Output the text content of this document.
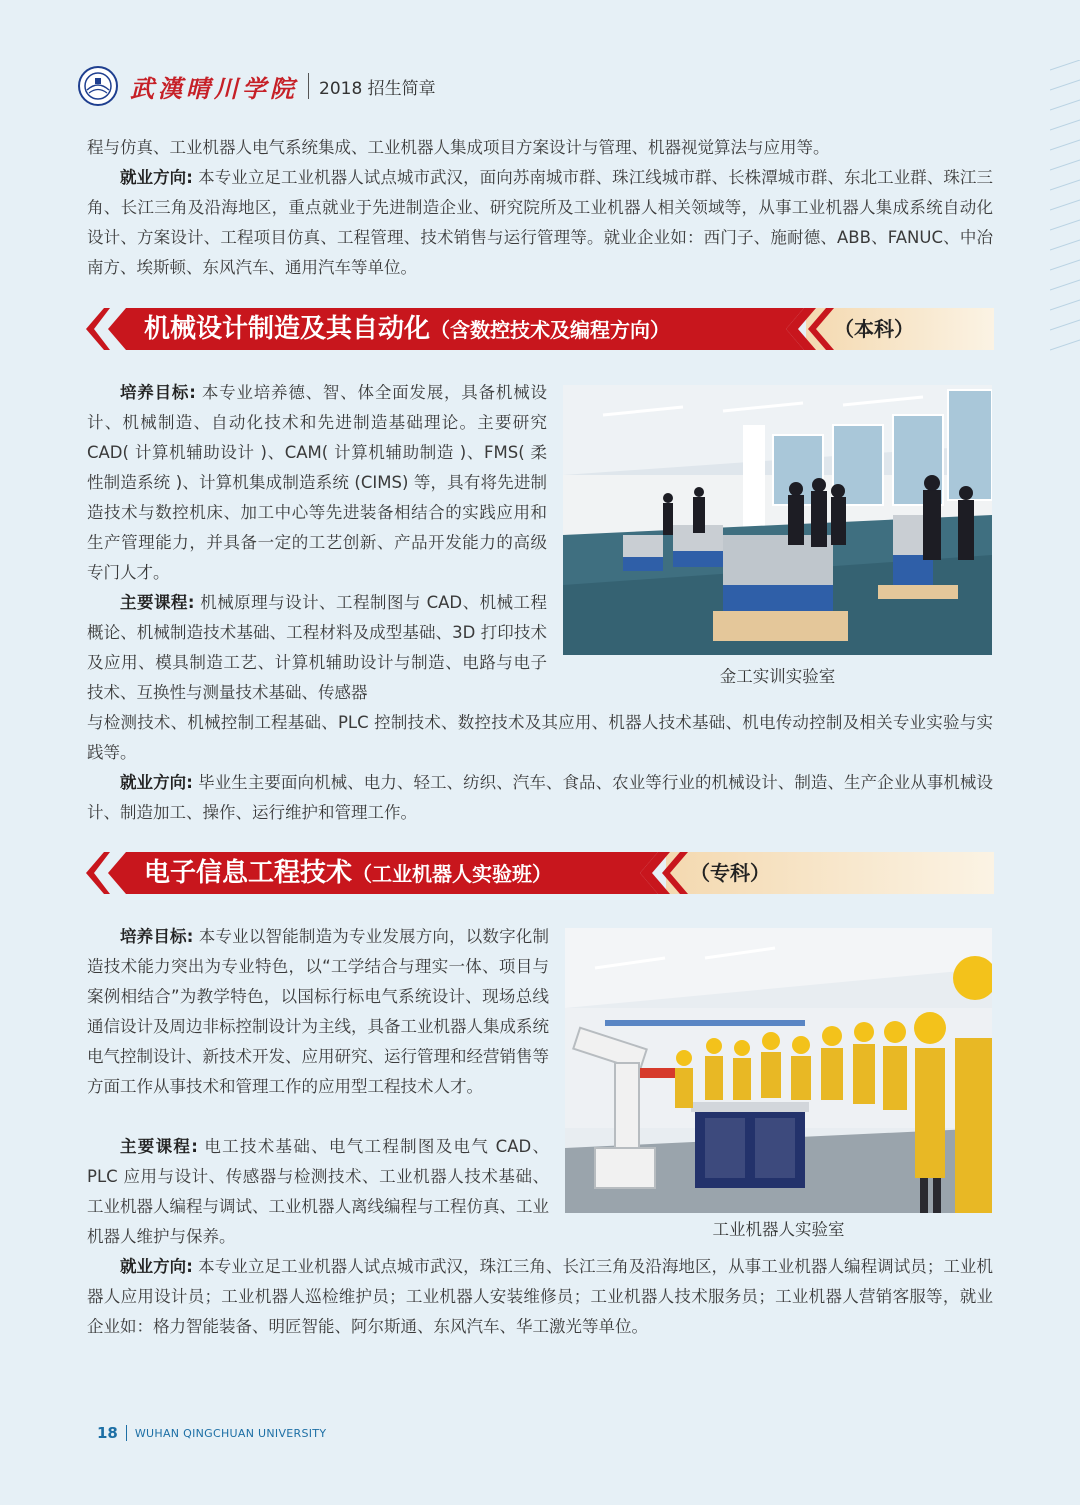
武漢晴川学院 2018 招生简章
程与仿真、工业机器人电气系统集成、工业机器人集成项目方案设计与管理、机器视觉算法与应用等。
就业方向: 本专业立足工业机器人试点城市武汉，面向苏南城市群、珠江线城市群、长株潭城市群、东北工业群、珠江三角、长江三角及沿海地区，重点就业于先进制造企业、研究院所及工业机器人相关领域等，从事工业机器人集成系统自动化设计、方案设计、工程项目仿真、工程管理、技术销售与运行管理等。就业企业如：西门子、施耐德、ABB、FANUC、中冶南方、埃斯顿、东风汽车、通用汽车等单位。
机械设计制造及其自动化（含数控技术及编程方向）	（本科）
培养目标: 本专业培养德、智、体全面发展，具备机械设计、机械制造、自动化技术和先进制造基础理论。主要研究 CAD( 计算机辅助设计 )、CAM( 计算机辅助制造 )、FMS( 柔性制造系统 )、计算机集成制造系统 (CIMS) 等，具有将先进制造技术与数控机床、加工中心等先进装备相结合的实践应用和生产管理能力，并具备一定的工艺创新、产品开发能力的高级专门人才。
主要课程: 机械原理与设计、工程制图与 CAD、机械工程概论、机械制造技术基础、工程材料及成型基础、3D 打印技术及应用、模具制造工艺、计算机辅助设计与制造、电路与电子技术、互换性与测量技术基础、传感器
与检测技术、机械控制工程基础、PLC 控制技术、数控技术及其应用、机器人技术基础、机电传动控制及相关专业实验与实践等。
就业方向: 毕业生主要面向机械、电力、轻工、纺织、汽车、食品、农业等行业的机械设计、制造、生产企业从事机械设计、制造加工、操作、运行维护和管理工作。
金工实训实验室
电子信息工程技术（工业机器人实验班）	（专科）
培养目标: 本专业以智能制造为专业发展方向，以数字化制造技术能力突出为专业特色，以“工学结合与理实一体、项目与案例相结合”为教学特色，以国标行标电气系统设计、现场总线通信设计及周边非标控制设计为主线，具备工业机器人集成系统电气控制设计、新技术开发、应用研究、运行管理和经营销售等方面工作从事技术和管理工作的应用型工程技术人才。
主要课程: 电工技术基础、电气工程制图及电气 CAD、PLC 应用与设计、传感器与检测技术、工业机器人技术基础、工业机器人编程与调试、工业机器人离线编程与工程仿真、工业机器人维护与保养。
就业方向: 本专业立足工业机器人试点城市武汉，珠江三角、长江三角及沿海地区，从事工业机器人编程调试员；工业机器人应用设计员；工业机器人巡检维护员；工业机器人安装维修员；工业机器人技术服务员；工业机器人营销客服等，就业企业如：格力智能装备、明匠智能、阿尔斯通、东风汽车、华工激光等单位。
工业机器人实验室
18 WUHAN QINGCHUAN UNIVERSITY
